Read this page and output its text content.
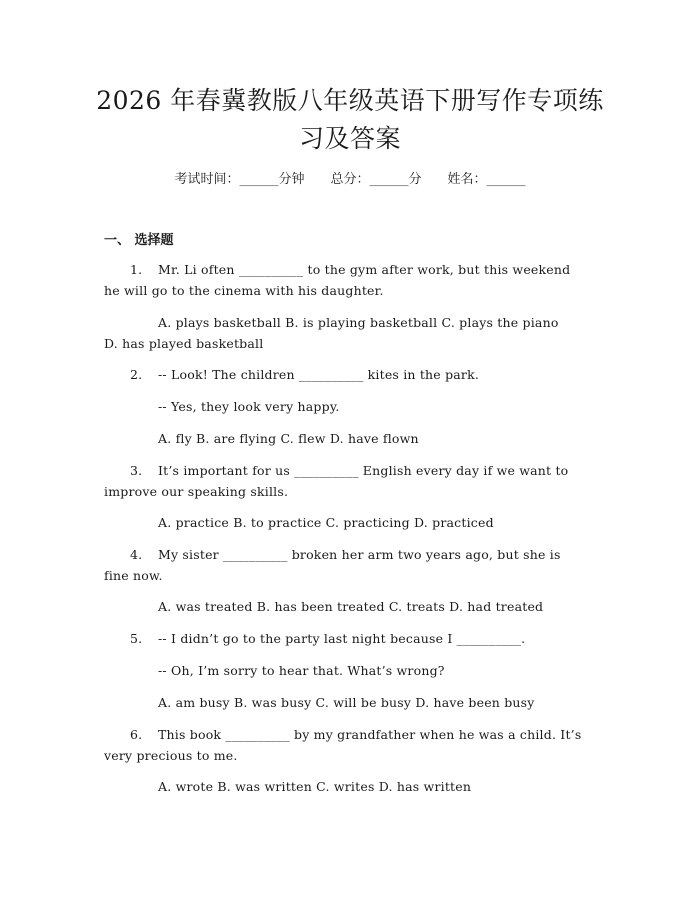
2026 年春冀教版八年级英语下册写作专项练
习及答案
考试时间：______分钟 总分：______分 姓名：______
一、 选择题
1. Mr. Li often __________ to the gym after work, but this weekend
he will go to the cinema with his daughter.
A. plays basketball B. is playing basketball C. plays the piano
D. has played basketball
2. -- Look! The children __________ kites in the park.
-- Yes, they look very happy.
A. fly B. are flying C. flew D. have flown
3. It’s important for us __________ English every day if we want to
improve our speaking skills.
A. practice B. to practice C. practicing D. practiced
4. My sister __________ broken her arm two years ago, but she is
fine now.
A. was treated B. has been treated C. treats D. had treated
5. -- I didn’t go to the party last night because I __________.
-- Oh, I’m sorry to hear that. What’s wrong?
A. am busy B. was busy C. will be busy D. have been busy
6. This book __________ by my grandfather when he was a child. It’s
very precious to me.
A. wrote B. was written C. writes D. has written
